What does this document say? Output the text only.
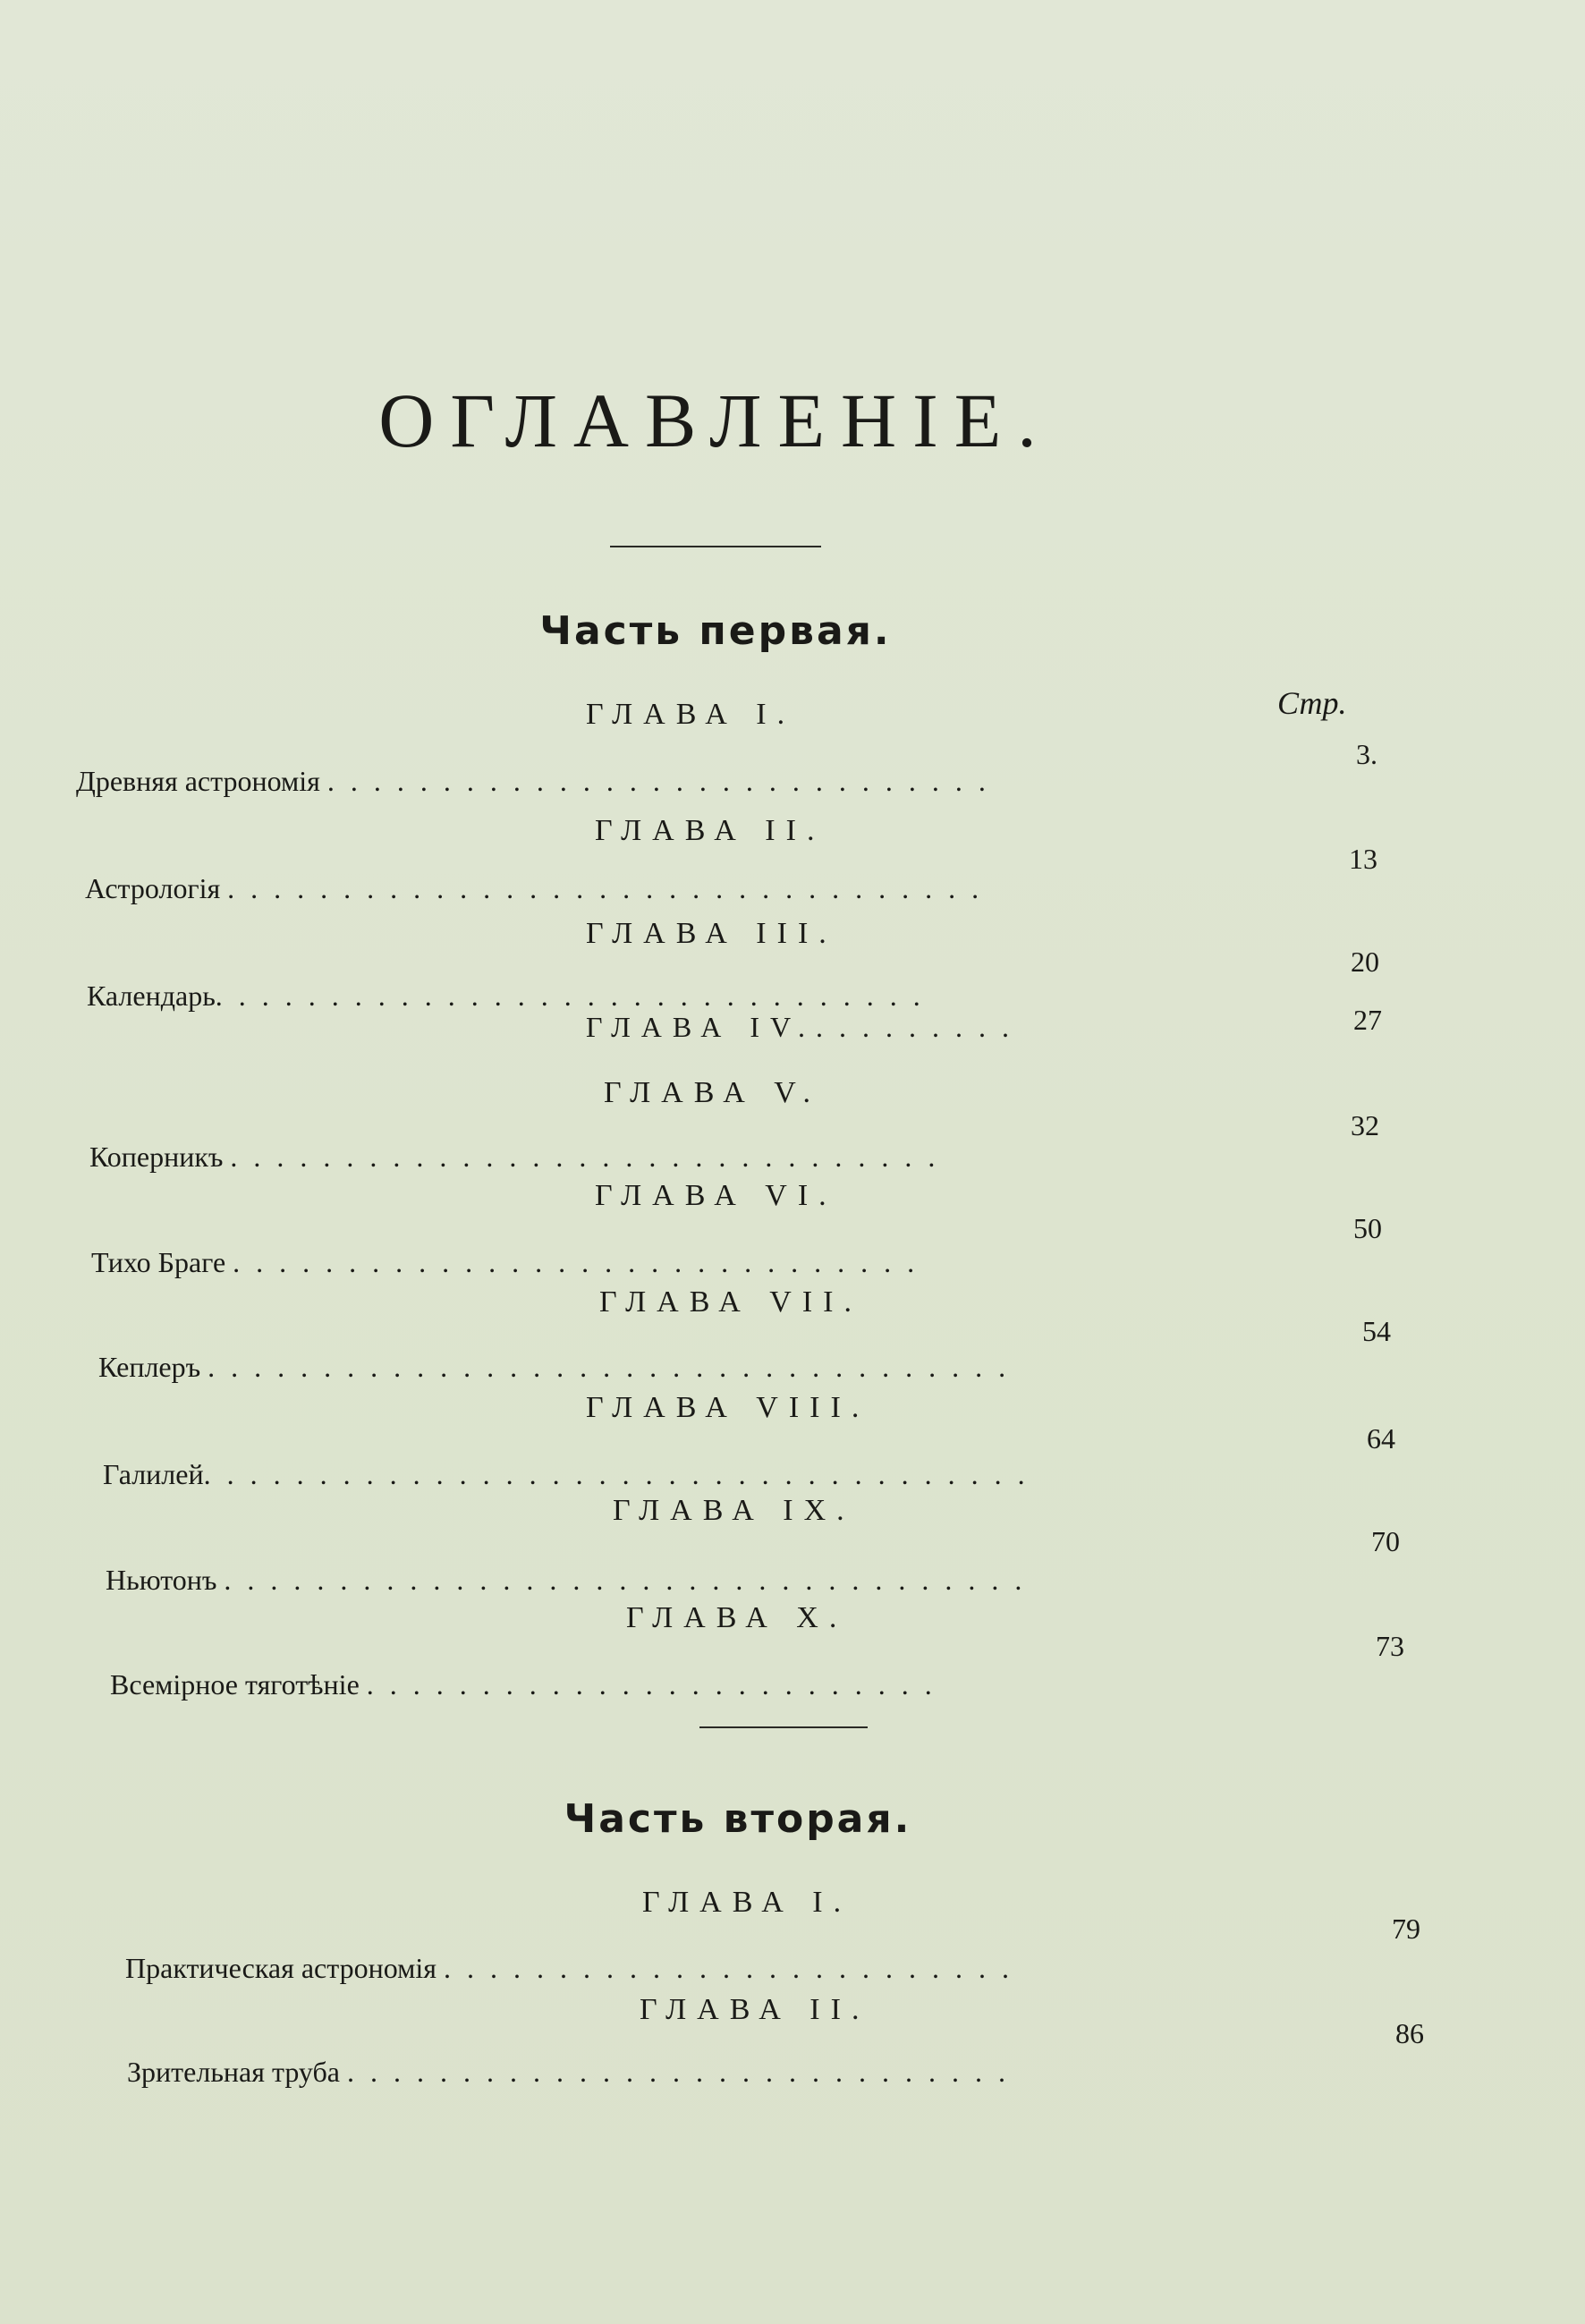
ОГЛАВЛЕНІЕ.
Часть первая.
Стр.
ГЛАВА I.
Древняя астрономія .............................
3.
ГЛАВА II.
Астрологія .................................
13
ГЛАВА III.
Календарь...............................
20
ГЛАВА IV..........	27
ГЛАВА V.
Коперникъ ...............................
32
ГЛАВА VI.
Тихо Браге ..............................
50
ГЛАВА VII.
Кеплеръ ...................................
54
ГЛАВА VIII.
Галилей....................................
64
ГЛАВА IX.
Ньютонъ ...................................
70
ГЛАВА X.
Всемірное тяготѣніе .........................
73
Часть вторая.
ГЛАВА I.
Практическая астрономія .........................
79
ГЛАВА II.
Зрительная труба .............................
86
